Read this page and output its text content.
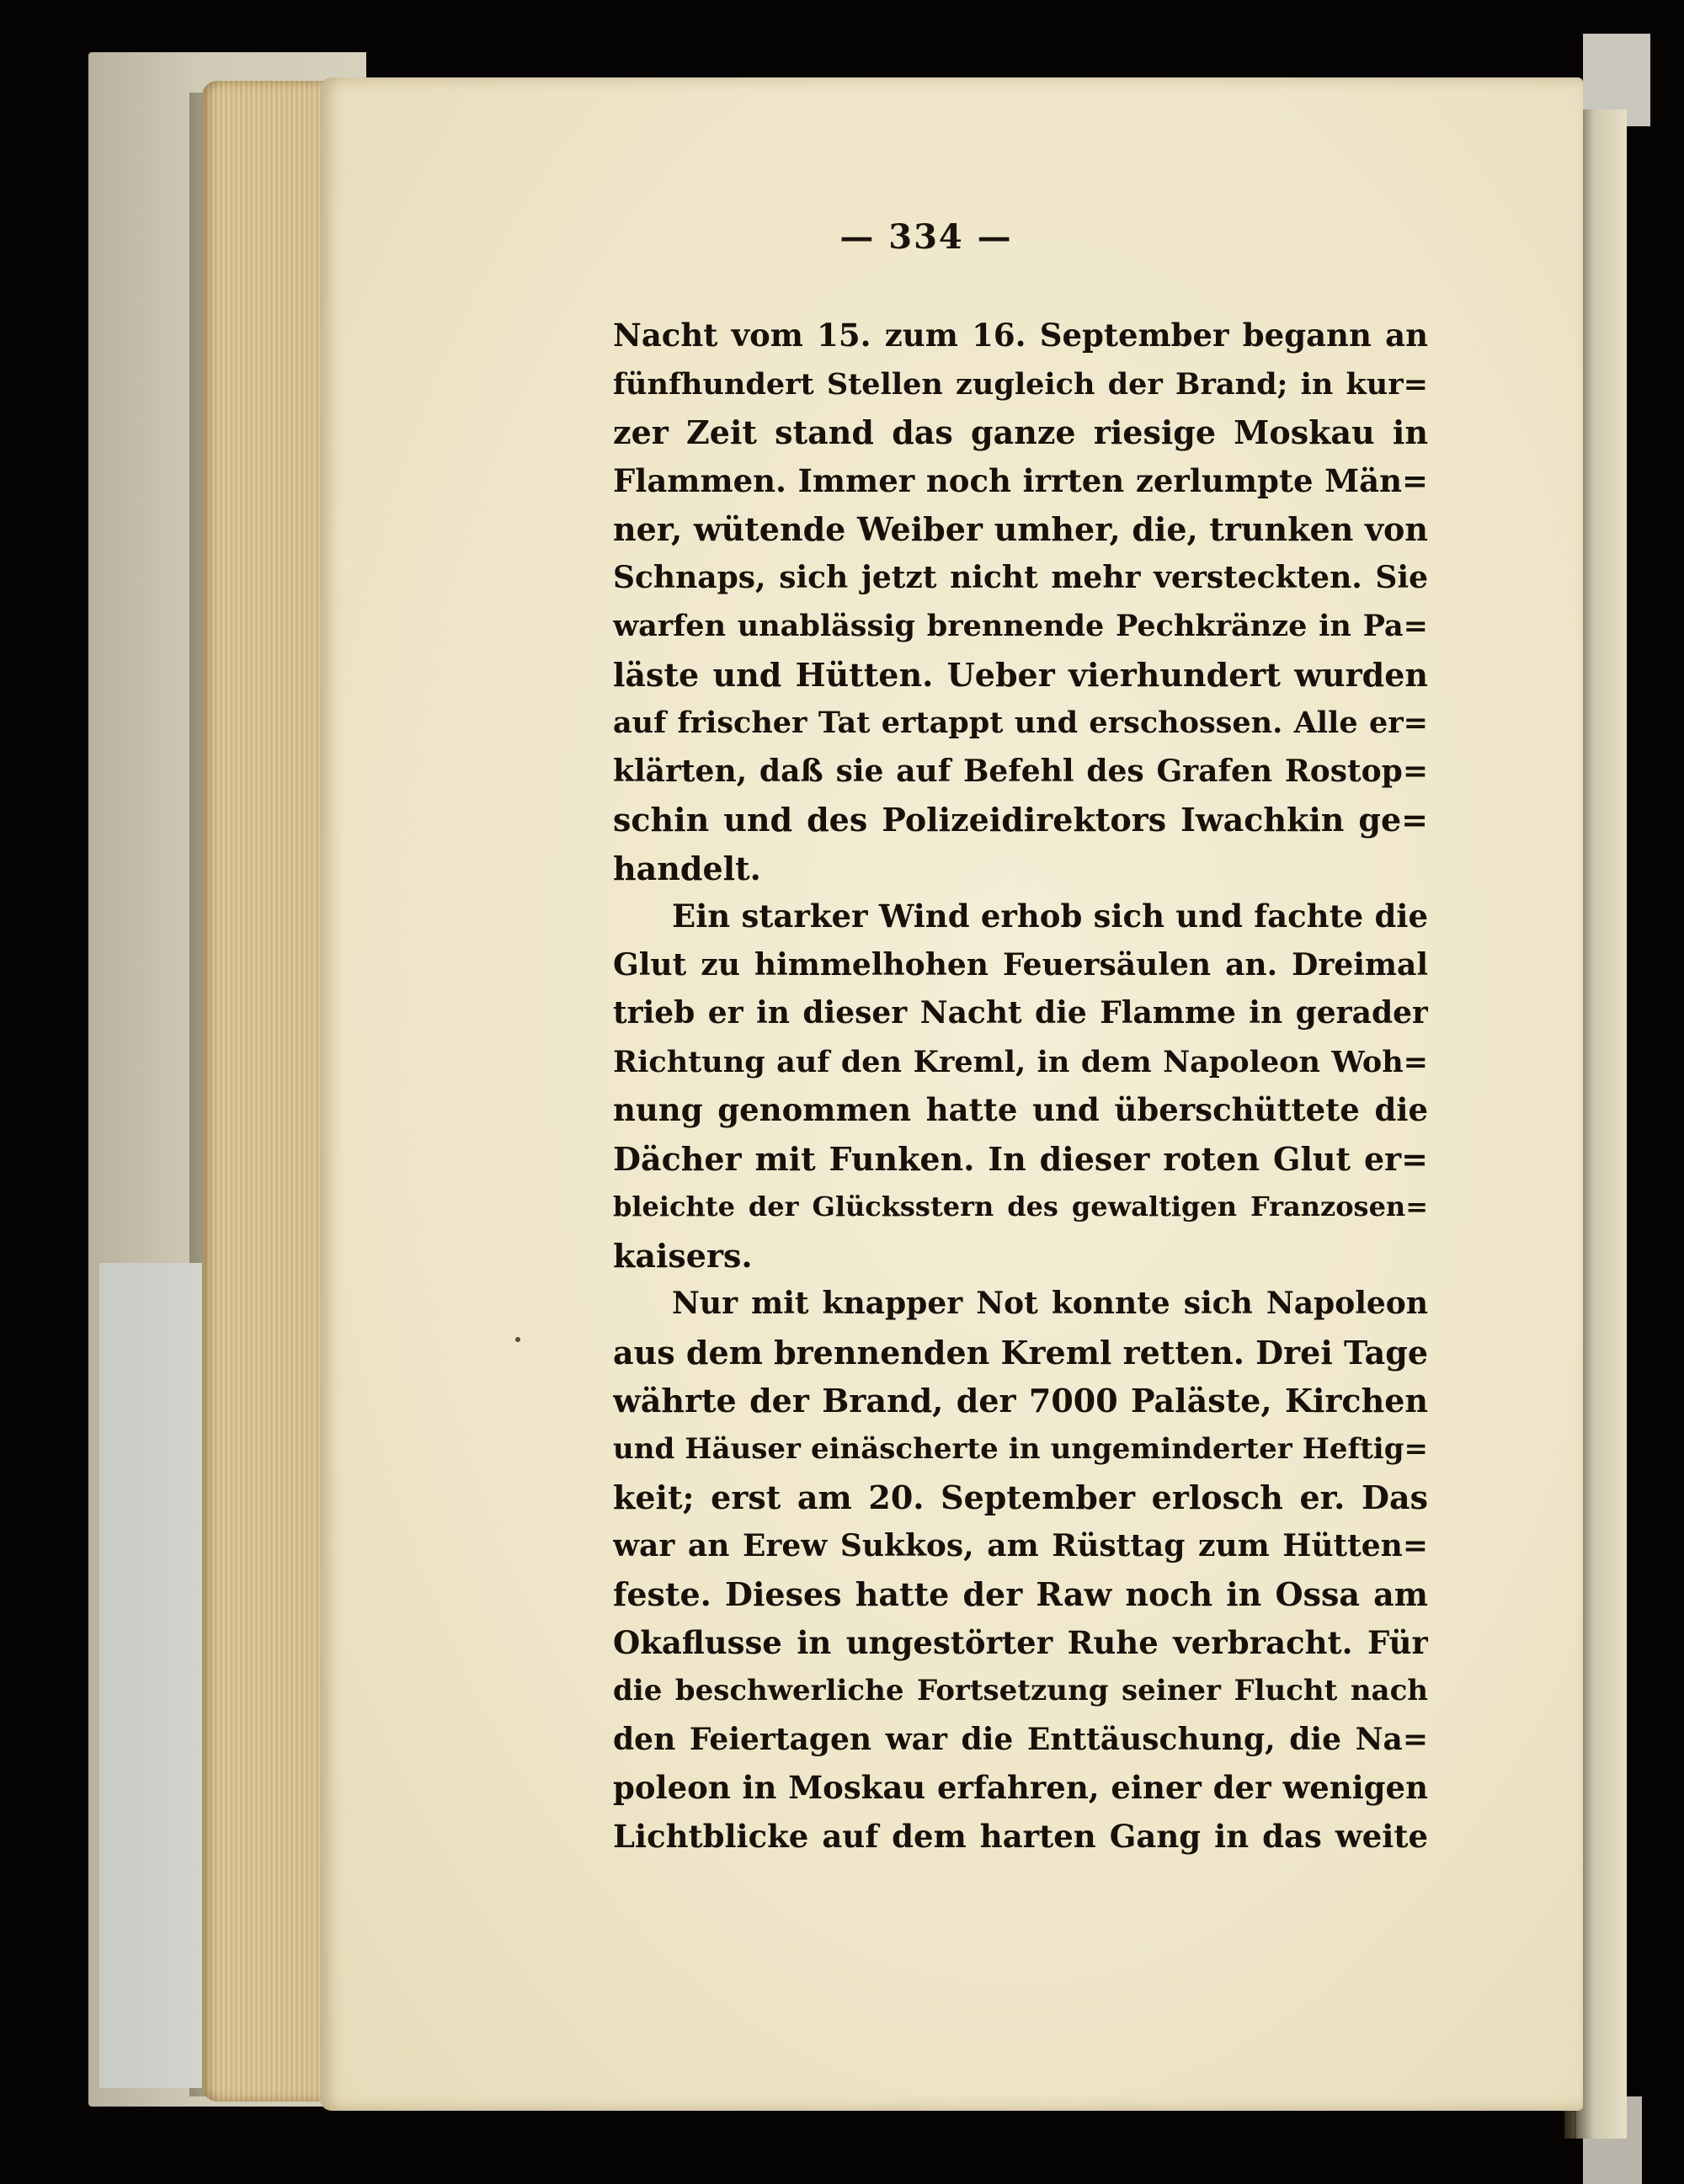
— 334 —
Nacht vom 15. zum 16. September begann an
fünfhundert Stellen zugleich der Brand; in kur=
zer Zeit stand das ganze riesige Moskau in
Flammen. Immer noch irrten zerlumpte Män=
ner, wütende Weiber umher, die, trunken von
Schnaps, sich jetzt nicht mehr versteckten. Sie
warfen unablässig brennende Pechkränze in Pa=
läste und Hütten. Ueber vierhundert wurden
auf frischer Tat ertappt und erschossen. Alle er=
klärten, daß sie auf Befehl des Grafen Rostop=
schin und des Polizeidirektors Iwachkin ge=
handelt.
Ein starker Wind erhob sich und fachte die
Glut zu himmelhohen Feuersäulen an. Dreimal
trieb er in dieser Nacht die Flamme in gerader
Richtung auf den Kreml, in dem Napoleon Woh=
nung genommen hatte und überschüttete die
Dächer mit Funken. In dieser roten Glut er=
bleichte der Glücksstern des gewaltigen Franzosen=
kaisers.
Nur mit knapper Not konnte sich Napoleon
aus dem brennenden Kreml retten. Drei Tage
währte der Brand, der 7000 Paläste, Kirchen
und Häuser einäscherte in ungeminderter Heftig=
keit; erst am 20. September erlosch er. Das
war an Erew Sukkos, am Rüsttag zum Hütten=
feste. Dieses hatte der Raw noch in Ossa am
Okaflusse in ungestörter Ruhe verbracht. Für
die beschwerliche Fortsetzung seiner Flucht nach
den Feiertagen war die Enttäuschung, die Na=
poleon in Moskau erfahren, einer der wenigen
Lichtblicke auf dem harten Gang in das weite
